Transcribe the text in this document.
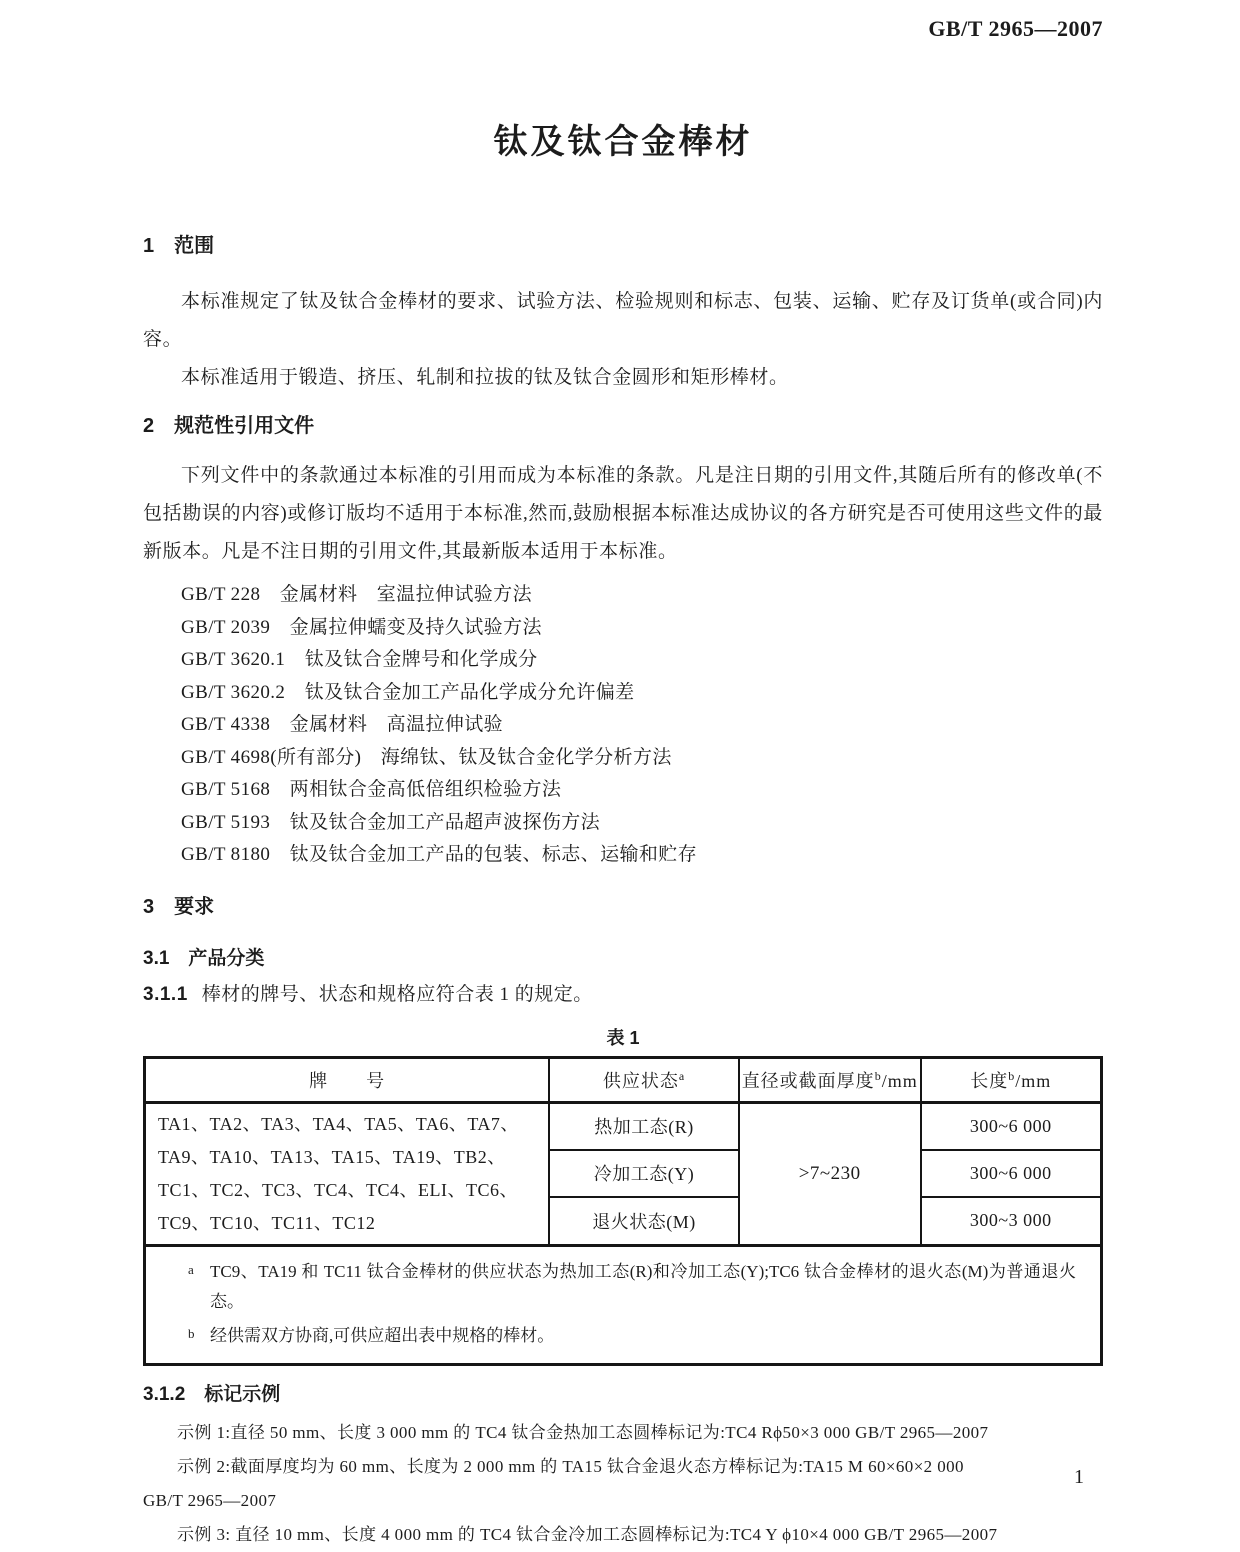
GB/T 2965—2007
钛及钛合金棒材
1　范围

本标准规定了钛及钛合金棒材的要求、试验方法、检验规则和标志、包装、运输、贮存及订货单(或合同)内容。

本标准适用于锻造、挤压、轧制和拉拔的钛及钛合金圆形和矩形棒材。

2　规范性引用文件

下列文件中的条款通过本标准的引用而成为本标准的条款。凡是注日期的引用文件,其随后所有的修改单(不包括勘误的内容)或修订版均不适用于本标准,然而,鼓励根据本标准达成协议的各方研究是否可使用这些文件的最新版本。凡是不注日期的引用文件,其最新版本适用于本标准。

GB/T 228　金属材料　室温拉伸试验方法
GB/T 2039　金属拉伸蠕变及持久试验方法
GB/T 3620.1　钛及钛合金牌号和化学成分
GB/T 3620.2　钛及钛合金加工产品化学成分允许偏差
GB/T 4338　金属材料　高温拉伸试验
GB/T 4698(所有部分)　海绵钛、钛及钛合金化学分析方法
GB/T 5168　两相钛合金高低倍组织检验方法
GB/T 5193　钛及钛合金加工产品超声波探伤方法
GB/T 8180　钛及钛合金加工产品的包装、标志、运输和贮存
3　要求
3.1　产品分类
3.1.1 棒材的牌号、状态和规格应符合表 1 的规定。
表 1
牌　　号	供应状态$^a$	直径或截面厚度$^b$/mm	长度$^b$/mm
TA1、TA2、TA3、TA4、TA5、TA6、TA7、TA9、TA10、TA13、TA15、TA19、TB2、TC1、TC2、TC3、TC4、TC4、ELI、TC6、TC9、TC10、TC11、TC12	热加工态(R)	>7~230	300~6 000
	冷加工态(Y)		300~6 000
	退火状态(M)		300~3 000

a TC9、TA19 和 TC11 钛合金棒材的供应状态为热加工态(R)和冷加工态(Y);TC6 钛合金棒材的退火态(M)为普通退火态。
b 经供需双方协商,可供应超出表中规格的棒材。			
3.1.2　标记示例
示例 1:直径 50 mm、长度 3 000 mm 的 TC4 钛合金热加工态圆棒标记为:TC4 Rϕ50×3 000 GB/T 2965—2007
示例 2:截面厚度均为 60 mm、长度为 2 000 mm 的 TA15 钛合金退火态方棒标记为:TA15 M 60×60×2 000
GB/T 2965—2007
示例 3: 直径 10 mm、长度 4 000 mm 的 TC4 钛合金冷加工态圆棒标记为:TC4 Y ϕ10×4 000 GB/T 2965—2007
1
